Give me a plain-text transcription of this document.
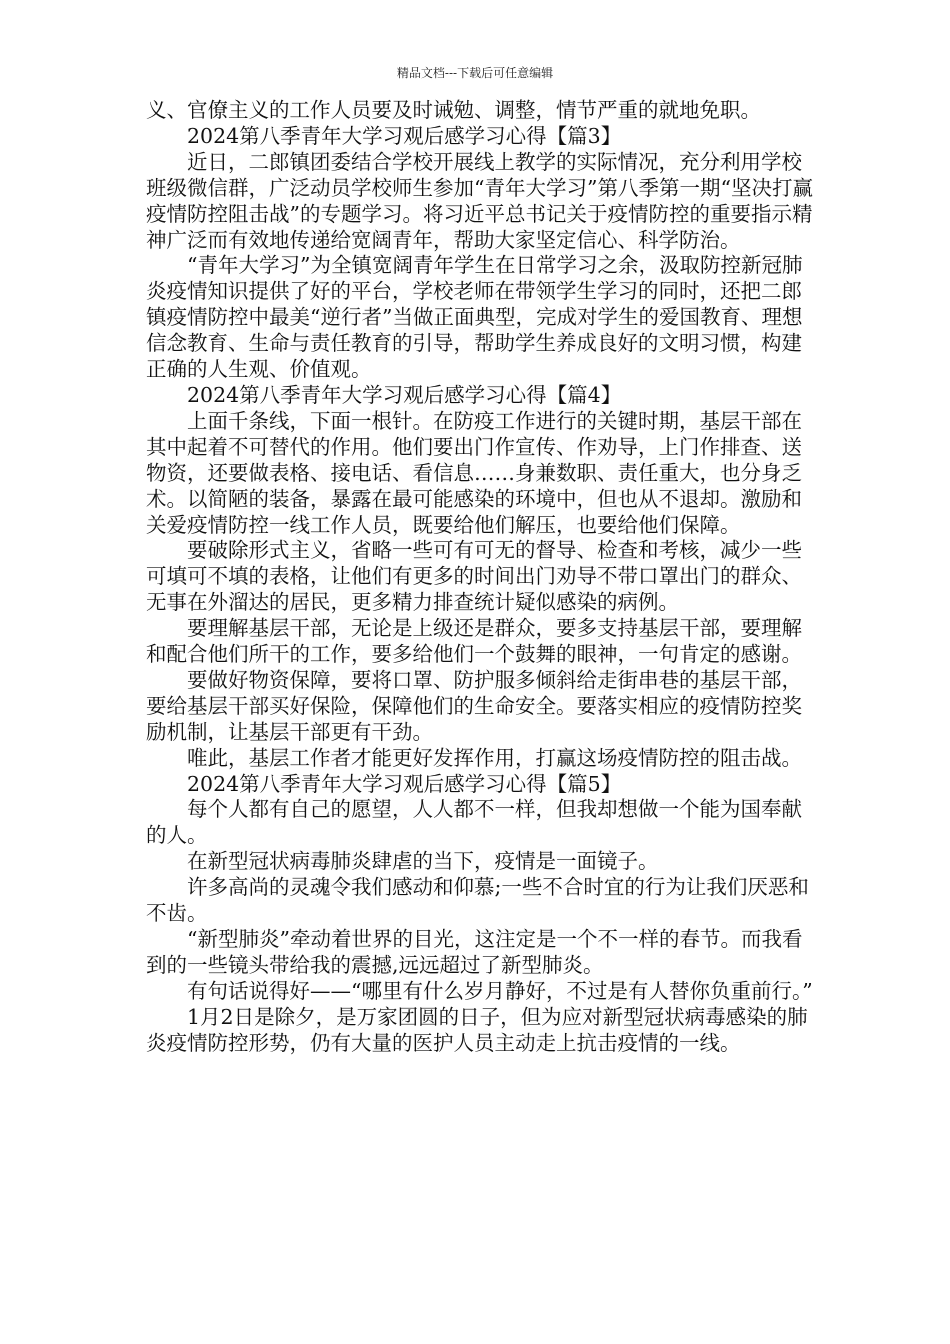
精品文档---下载后可任意编辑

义、官僚主义的工作人员要及时诫勉、调整，情节严重的就地免职。

2024第八季青年大学习观后感学习心得【篇3】

近日，二郎镇团委结合学校开展线上教学的实际情况，充分利用学校班级微信群，广泛动员学校师生参加“青年大学习”第八季第一期“坚决打赢疫情防控阻击战”的专题学习。将习近平总书记关于疫情防控的重要指示精神广泛而有效地传递给宽阔青年，帮助大家坚定信心、科学防治。

“青年大学习”为全镇宽阔青年学生在日常学习之余，汲取防控新冠肺炎疫情知识提供了好的平台，学校老师在带领学生学习的同时，还把二郎镇疫情防控中最美“逆行者”当做正面典型，完成对学生的爱国教育、理想信念教育、生命与责任教育的引导，帮助学生养成良好的文明习惯，构建正确的人生观、价值观。

2024第八季青年大学习观后感学习心得【篇4】

上面千条线，下面一根针。在防疫工作进行的关键时期，基层干部在其中起着不可替代的作用。他们要出门作宣传、作劝导，上门作排查、送物资，还要做表格、接电话、看信息……身兼数职、责任重大，也分身乏术。以简陋的装备，暴露在最可能感染的环境中，但也从不退却。激励和关爱疫情防控一线工作人员，既要给他们解压，也要给他们保障。

要破除形式主义，省略一些可有可无的督导、检查和考核，减少一些可填可不填的表格，让他们有更多的时间出门劝导不带口罩出门的群众、无事在外溜达的居民，更多精力排查统计疑似感染的病例。

要理解基层干部，无论是上级还是群众，要多支持基层干部，要理解和配合他们所干的工作，要多给他们一个鼓舞的眼神，一句肯定的感谢。

要做好物资保障，要将口罩、防护服多倾斜给走街串巷的基层干部，要给基层干部买好保险，保障他们的生命安全。要落实相应的疫情防控奖励机制，让基层干部更有干劲。

唯此，基层工作者才能更好发挥作用，打赢这场疫情防控的阻击战。

2024第八季青年大学习观后感学习心得【篇5】

每个人都有自己的愿望，人人都不一样，但我却想做一个能为国奉献的人。

在新型冠状病毒肺炎肆虐的当下，疫情是一面镜子。

许多高尚的灵魂令我们感动和仰慕;一些不合时宜的行为让我们厌恶和不齿。

“新型肺炎”牵动着世界的目光，这注定是一个不一样的春节。而我看到的一些镜头带给我的震撼,远远超过了新型肺炎。

有句话说得好——“哪里有什么岁月静好，不过是有人替你负重前行。”

1月2日是除夕，是万家团圆的日子，但为应对新型冠状病毒感染的肺炎疫情防控形势，仍有大量的医护人员主动走上抗击疫情的一线。
